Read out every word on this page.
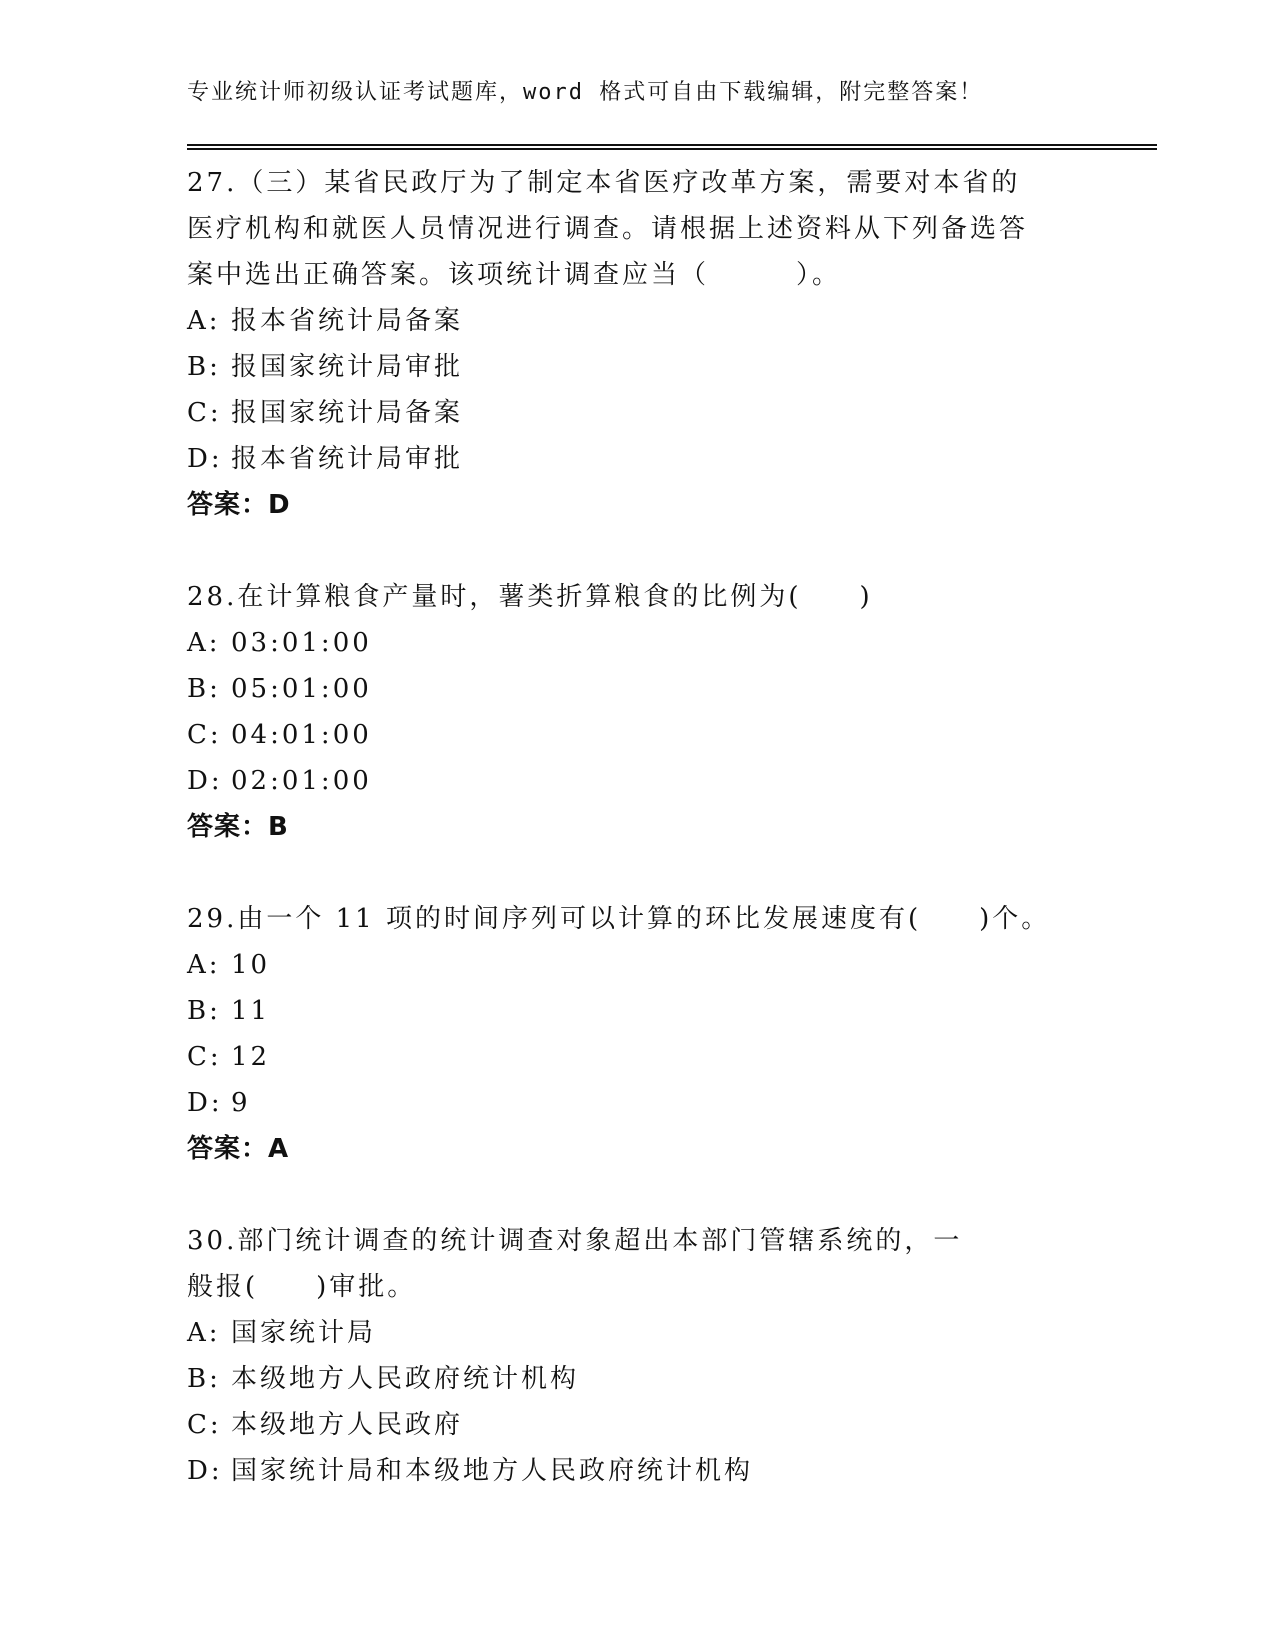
专业统计师初级认证考试题库，word 格式可自由下载编辑，附完整答案！

27.（三）某省民政厅为了制定本省医疗改革方案，需要对本省的医疗机构和就医人员情况进行调查。请根据上述资料从下列备选答案中选出正确答案。该项统计调查应当（　　　）。

A: 报本省统计局备案

B: 报国家统计局审批

C: 报国家统计局备案

D: 报本省统计局审批

答案：D

28.在计算粮食产量时，薯类折算粮食的比例为(　　)

A: 03:01:00

B: 05:01:00

C: 04:01:00

D: 02:01:00

答案：B

29.由一个 11 项的时间序列可以计算的环比发展速度有(　　)个。

A: 10

B: 11

C: 12

D: 9

答案：A

30.部门统计调查的统计调查对象超出本部门管辖系统的，一般报(　　)审批。

A: 国家统计局

B: 本级地方人民政府统计机构

C: 本级地方人民政府

D: 国家统计局和本级地方人民政府统计机构
